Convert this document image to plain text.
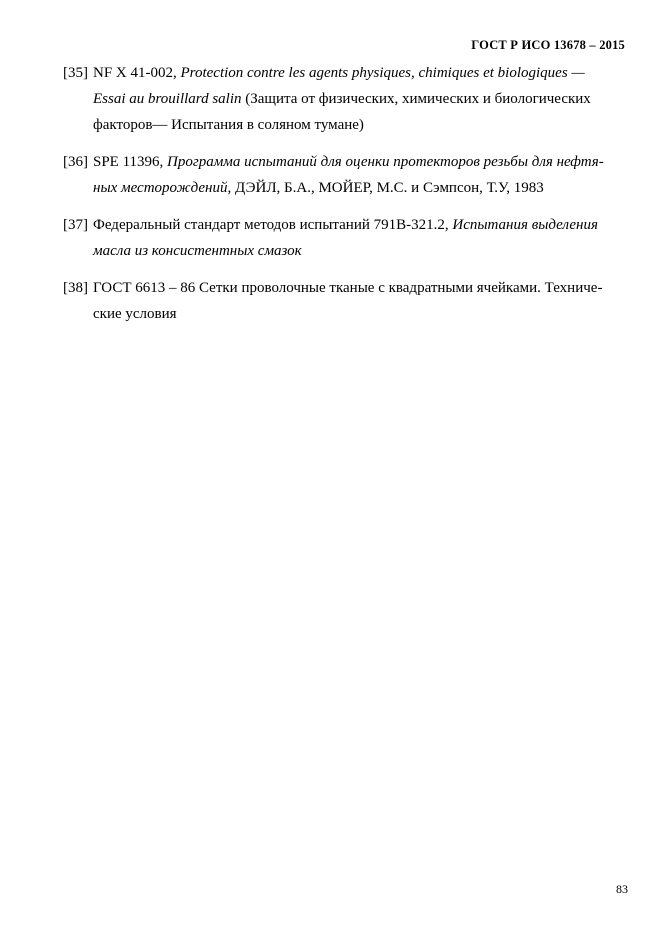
ГОСТ Р ИСО 13678 – 2015
[35] NF X 41-002, Protection contre les agents physiques, chimiques et biologiques —
Essai au brouillard salin (Защита от физических, химических и биологических
факторов— Испытания в соляном тумане)
[36] SPE 11396, Программа испытаний для оценки протекторов резьбы для нефтя-
ных месторождений, ДЭЙЛ, Б.А., МОЙЕР, М.С. и Сэмпсон, Т.У, 1983
[37] Федеральный стандарт методов испытаний 791В-321.2, Испытания выделения
масла из консистентных смазок
[38] ГОСТ 6613 – 86 Сетки проволочные тканые с квадратными ячейками. Техниче-
ские условия
83
